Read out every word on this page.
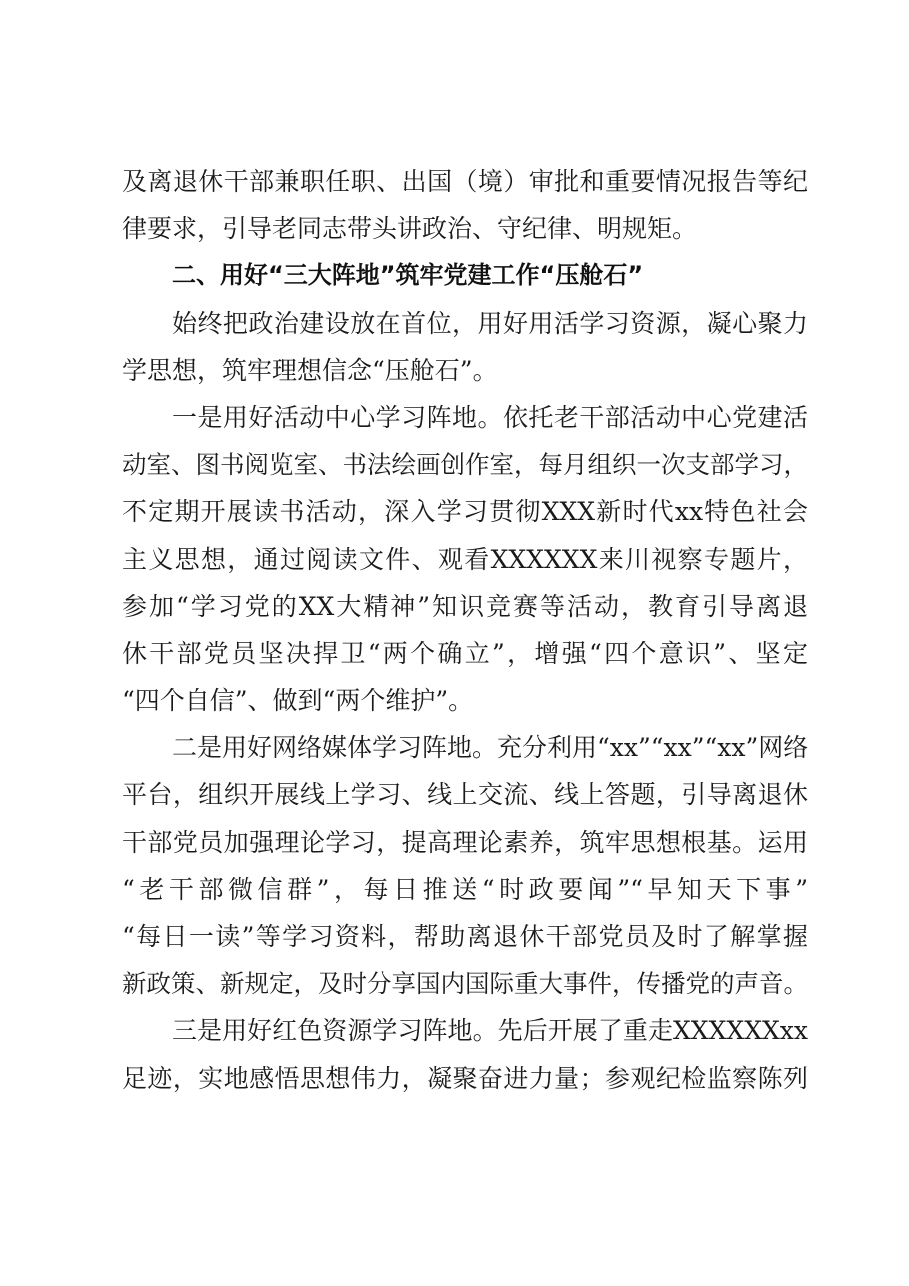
及离退休干部兼职任职、出国（境）审批和重要情况报告等纪
律要求，引导老同志带头讲政治、守纪律、明规矩。
二、用好“三大阵地”筑牢党建工作“压舱石”
始终把政治建设放在首位，用好用活学习资源，凝心聚力
学思想，筑牢理想信念“压舱石”。
一是用好活动中心学习阵地。依托老干部活动中心党建活
动室、图书阅览室、书法绘画创作室，每月组织一次支部学习，
不定期开展读书活动，深入学习贯彻XXX新时代xx特色社会
主义思想，通过阅读文件、观看XXXXXX来川视察专题片，
参加“学习党的XX大精神”知识竞赛等活动，教育引导离退
休干部党员坚决捍卫“两个确立”，增强“四个意识”、坚定
“四个自信”、做到“两个维护”。
二是用好网络媒体学习阵地。充分利用“xx”“xx”“xx”网络
平台，组织开展线上学习、线上交流、线上答题，引导离退休
干部党员加强理论学习，提高理论素养，筑牢思想根基。运用
“老干部微信群”，每日推送“时政要闻”“早知天下事”
“每日一读”等学习资料，帮助离退休干部党员及时了解掌握
新政策、新规定，及时分享国内国际重大事件，传播党的声音。
三是用好红色资源学习阵地。先后开展了重走XXXXXXxx
足迹，实地感悟思想伟力，凝聚奋进力量；参观纪检监察陈列
